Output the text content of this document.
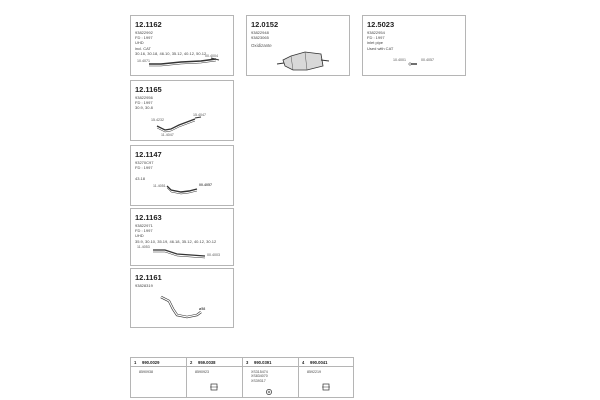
12.1162
93822992
FD : 1997
UHD
incl. CAT
30.16, 30.18, 46.10, 35.12, 40.12, 50.12
10.4071
00.4004
12.0152
93822948
93823065
Oxidizante
12.5023
93822954
FD : 1997
inlet pipe
Used with CAT
10.4001	00.4057
12.1165
93822956
FD : 1997
30.9, 30.8
15.4232
15.4047
11.4047
12.1147
93270C97
FD : 1997

43.18
11.4051	00.4057
12.1163
93822971
FD : 1997
UHD
35.9, 30.10, 35.19, 46.18, 35.12, 40.12, 30.12
11.4053
00.4003
12.1161
93828319
ø58
1 990.0029
8590938
2 959.0038
8590923
3 990.0391
XS315474
XS834070
XS39317
4 990.0041
8592219
